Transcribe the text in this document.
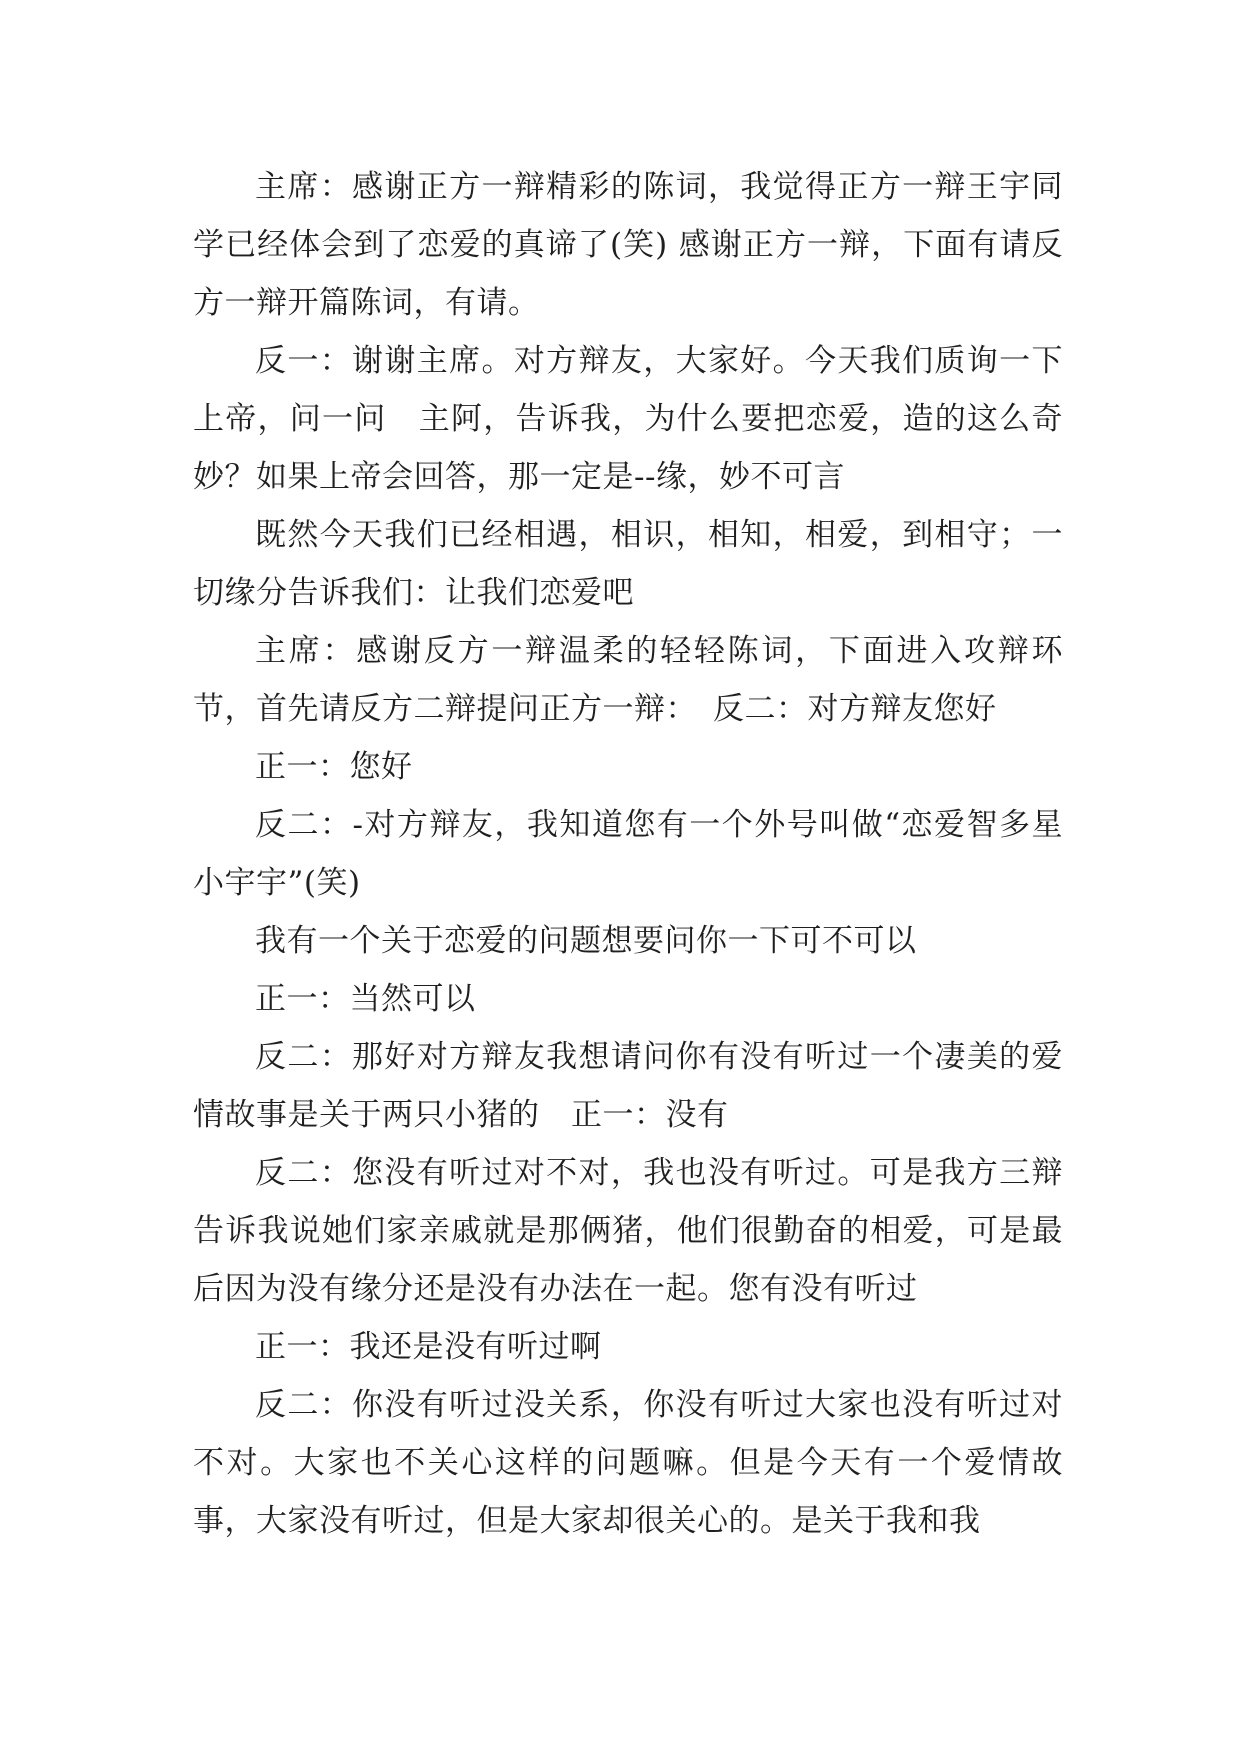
主席：感谢正方一辩精彩的陈词，我觉得正方一辩王宇同学已经体会到了恋爱的真谛了(笑) 感谢正方一辩，下面有请反方一辩开篇陈词，有请。

反一：谢谢主席。对方辩友，大家好。今天我们质询一下上帝，问一问　主阿，告诉我，为什么要把恋爱，造的这么奇妙？如果上帝会回答，那一定是--缘，妙不可言

既然今天我们已经相遇，相识，相知，相爱，到相守；一切缘分告诉我们：让我们恋爱吧

主席：感谢反方一辩温柔的轻轻陈词，下面进入攻辩环节，首先请反方二辩提问正方一辩：　反二：对方辩友您好

正一：您好

反二：-对方辩友，我知道您有一个外号叫做“恋爱智多星小宇宇”(笑)

我有一个关于恋爱的问题想要问你一下可不可以

正一：当然可以

反二：那好对方辩友我想请问你有没有听过一个凄美的爱情故事是关于两只小猪的　正一：没有

反二：您没有听过对不对，我也没有听过。可是我方三辩告诉我说她们家亲戚就是那俩猪，他们很勤奋的相爱，可是最后因为没有缘分还是没有办法在一起。您有没有听过

正一：我还是没有听过啊

反二：你没有听过没关系，你没有听过大家也没有听过对不对。大家也不关心这样的问题嘛。但是今天有一个爱情故事，大家没有听过，但是大家却很关心的。是关于我和我
